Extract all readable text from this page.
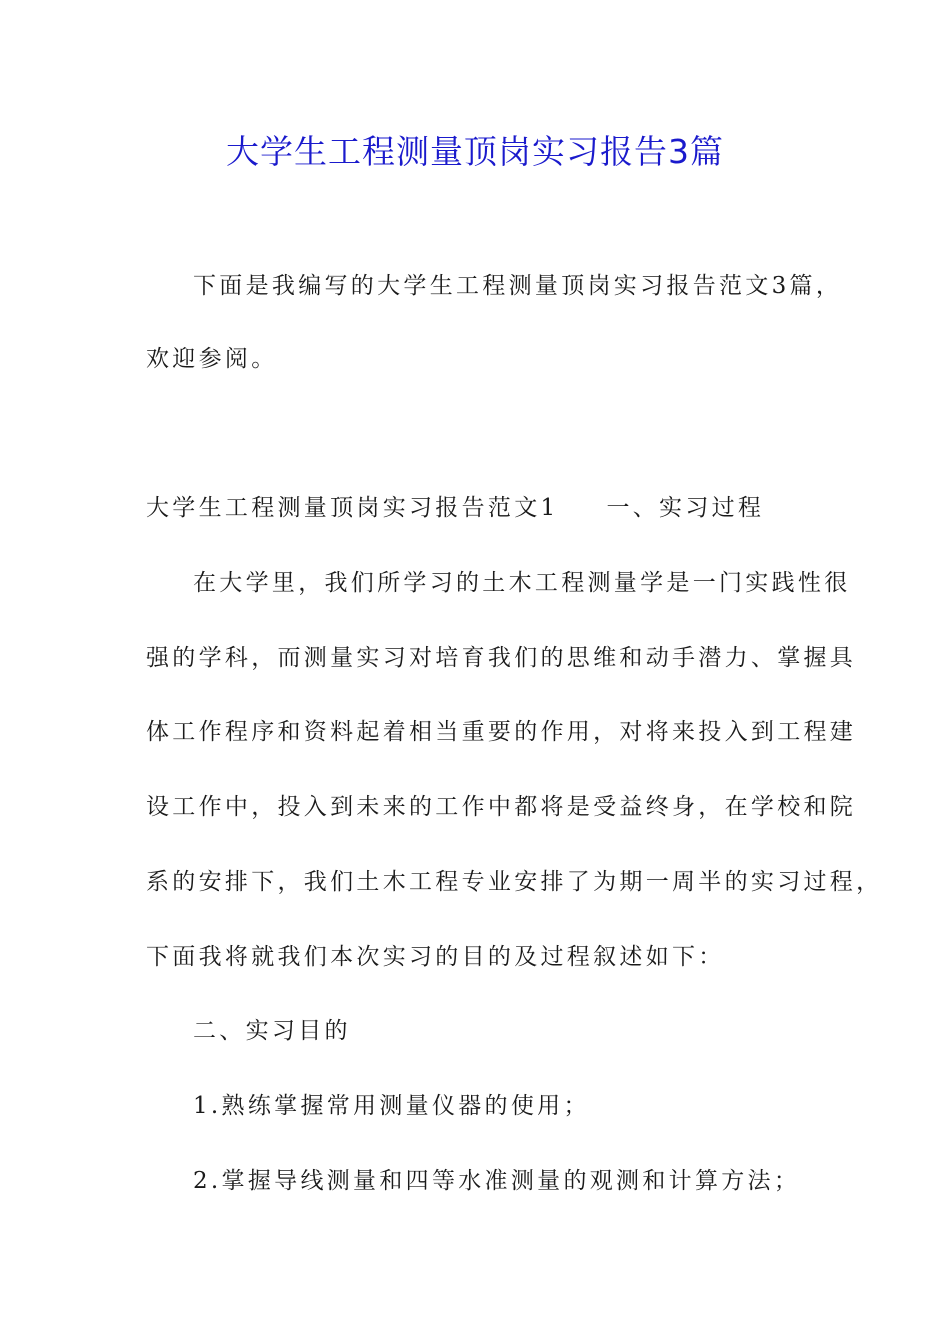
大学生工程测量顶岗实习报告3篇
下面是我编写的大学生工程测量顶岗实习报告范文3篇，
欢迎参阅。
大学生工程测量顶岗实习报告范文1 一、实习过程
在大学里，我们所学习的土木工程测量学是一门实践性很
强的学科，而测量实习对培育我们的思维和动手潜力、掌握具
体工作程序和资料起着相当重要的作用，对将来投入到工程建
设工作中，投入到未来的工作中都将是受益终身，在学校和院
系的安排下，我们土木工程专业安排了为期一周半的实习过程，
下面我将就我们本次实习的目的及过程叙述如下：
二、实习目的
1.熟练掌握常用测量仪器的使用；
2.掌握导线测量和四等水准测量的观测和计算方法；
